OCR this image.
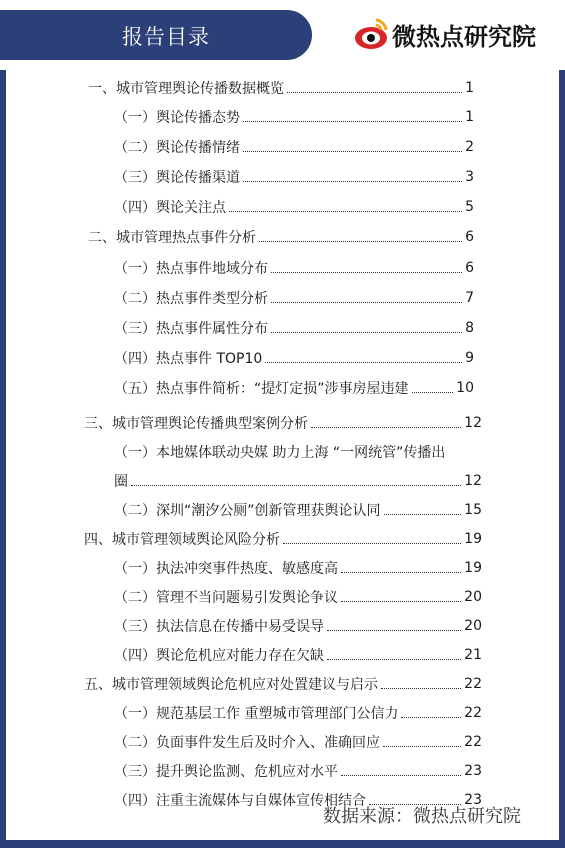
报告目录	微热点研究院
一、城市管理舆论传播数据概览	1
（一）舆论传播态势	1
（二）舆论传播情绪	2
（三）舆论传播渠道	3
（四）舆论关注点	5
二、城市管理热点事件分析	6
（一）热点事件地域分布	6
（二）热点事件类型分析	7
（三）热点事件属性分布	8
（四）热点事件 TOP10	9
（五）热点事件简析：“提灯定损”涉事房屋违建	10
三、城市管理舆论传播典型案例分析	12
（一）本地媒体联动央媒 助力上海 “一网统管”传播出
圈	12
（二）深圳“潮汐公厕”创新管理获舆论认同	15
四、城市管理领域舆论风险分析	19
（一）执法冲突事件热度、敏感度高	19
（二）管理不当问题易引发舆论争议	20
（三）执法信息在传播中易受误导	20
（四）舆论危机应对能力存在欠缺	21
五、城市管理领域舆论危机应对处置建议与启示	22
（一）规范基层工作 重塑城市管理部门公信力	22
（二）负面事件发生后及时介入、准确回应	22
（三）提升舆论监测、危机应对水平	23
（四）注重主流媒体与自媒体宣传相结合	23
数据来源：微热点研究院
